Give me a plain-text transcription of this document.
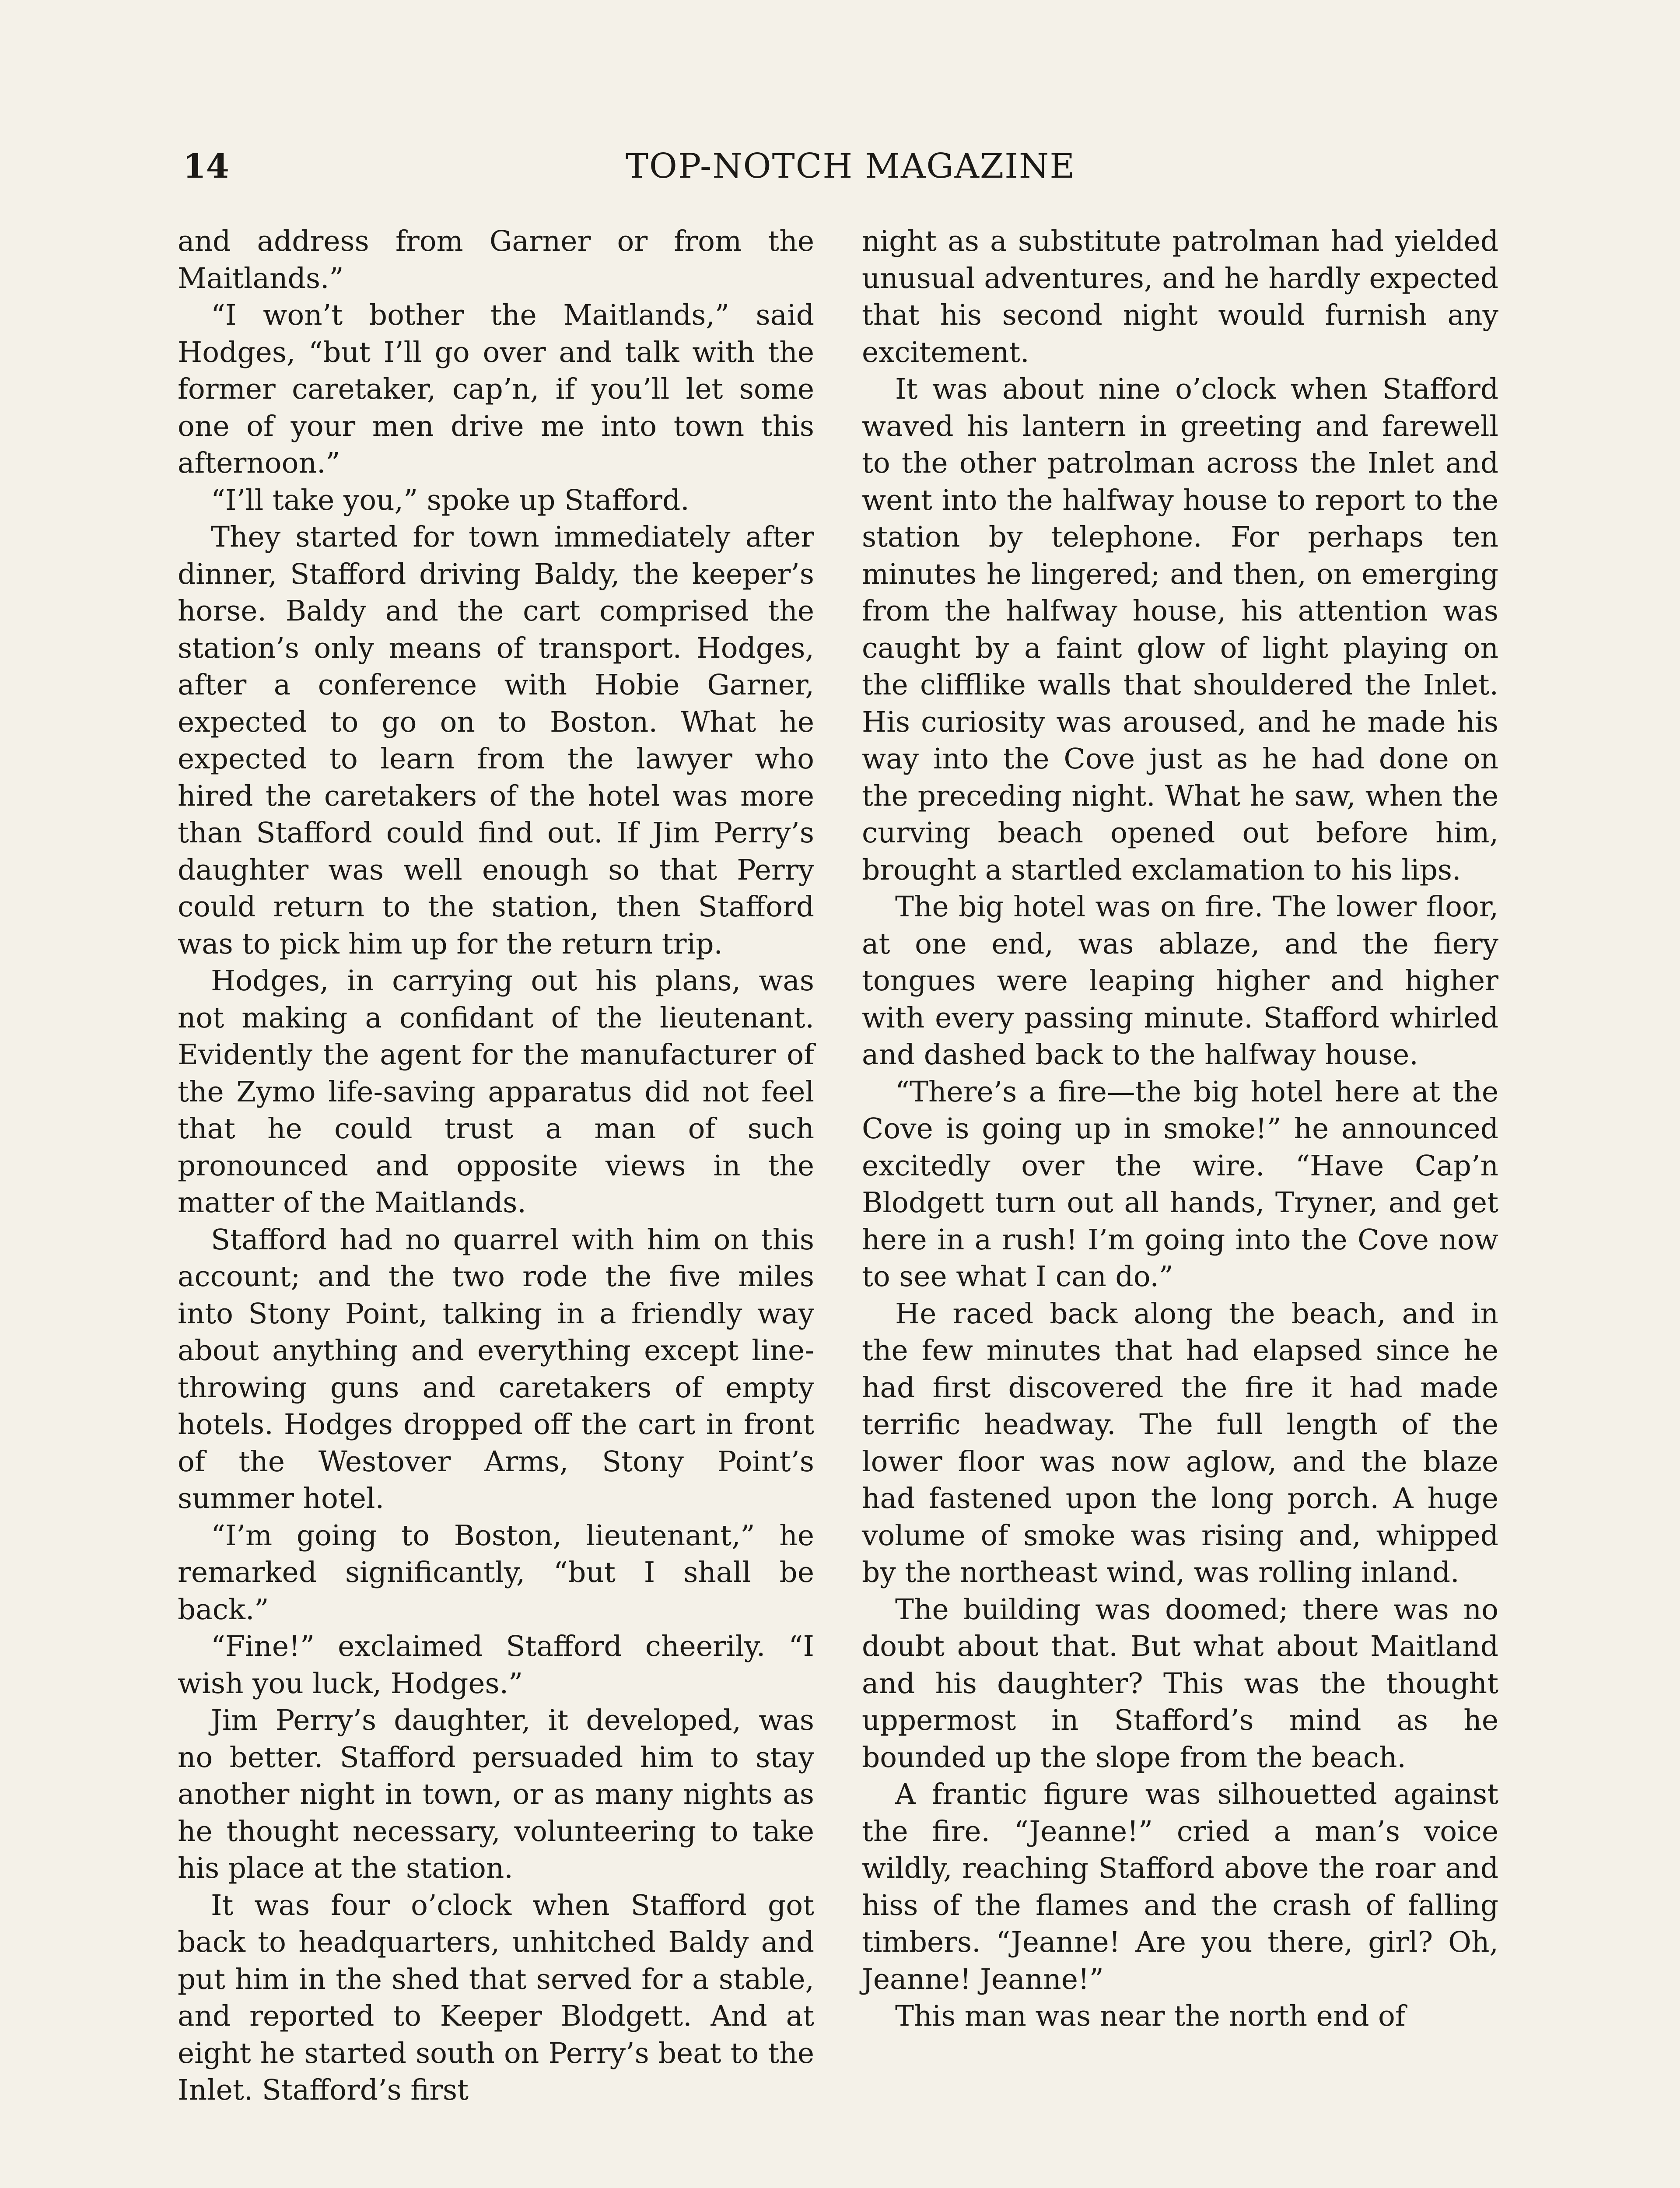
14	TOP-NOTCH MAGAZINE

and address from Garner or from the Maitlands.”

“I won’t bother the Maitlands,” said Hodges, “but I’ll go over and talk with the former caretaker, cap’n, if you’ll let some one of your men drive me into town this afternoon.”

“I’ll take you,” spoke up Stafford.

They started for town immediately after dinner, Stafford driving Baldy, the keeper’s horse. Baldy and the cart comprised the station’s only means of transport. Hodges, after a conference with Hobie Garner, expected to go on to Boston. What he expected to learn from the lawyer who hired the caretakers of the hotel was more than Stafford could find out. If Jim Perry’s daughter was well enough so that Perry could return to the station, then Stafford was to pick him up for the return trip.

Hodges, in carrying out his plans, was not making a confidant of the lieutenant. Evidently the agent for the manufacturer of the Zymo life-saving apparatus did not feel that he could trust a man of such pronounced and opposite views in the matter of the Maitlands.

Stafford had no quarrel with him on this account; and the two rode the five miles into Stony Point, talking in a friendly way about anything and everything except line-throwing guns and caretakers of empty hotels. Hodges dropped off the cart in front of the Westover Arms, Stony Point’s summer hotel.

“I’m going to Boston, lieutenant,” he remarked significantly, “but I shall be back.”

“Fine!” exclaimed Stafford cheerily. “I wish you luck, Hodges.”

Jim Perry’s daughter, it developed, was no better. Stafford persuaded him to stay another night in town, or as many nights as he thought necessary, volunteering to take his place at the station.

It was four o’clock when Stafford got back to headquarters, unhitched Baldy and put him in the shed that served for a stable, and reported to Keeper Blodgett. And at eight he started south on Perry’s beat to the Inlet. Stafford’s first

night as a substitute patrolman had yielded unusual adventures, and he hardly expected that his second night would furnish any excitement.

It was about nine o’clock when Stafford waved his lantern in greeting and farewell to the other patrolman across the Inlet and went into the halfway house to report to the station by telephone. For perhaps ten minutes he lingered; and then, on emerging from the halfway house, his attention was caught by a faint glow of light playing on the clifflike walls that shouldered the Inlet. His curiosity was aroused, and he made his way into the Cove just as he had done on the preceding night. What he saw, when the curving beach opened out before him, brought a startled exclamation to his lips.

The big hotel was on fire. The lower floor, at one end, was ablaze, and the fiery tongues were leaping higher and higher with every passing minute. Stafford whirled and dashed back to the halfway house.

“There’s a fire—the big hotel here at the Cove is going up in smoke!” he announced excitedly over the wire. “Have Cap’n Blodgett turn out all hands, Tryner, and get here in a rush! I’m going into the Cove now to see what I can do.”

He raced back along the beach, and in the few minutes that had elapsed since he had first discovered the fire it had made terrific headway. The full length of the lower floor was now aglow, and the blaze had fastened upon the long porch. A huge volume of smoke was rising and, whipped by the northeast wind, was rolling inland.

The building was doomed; there was no doubt about that. But what about Maitland and his daughter? This was the thought uppermost in Stafford’s mind as he bounded up the slope from the beach.

A frantic figure was silhouetted against the fire. “Jeanne!” cried a man’s voice wildly, reaching Stafford above the roar and hiss of the flames and the crash of falling timbers. “Jeanne! Are you there, girl? Oh, Jeanne! Jeanne!”

This man was near the north end of
